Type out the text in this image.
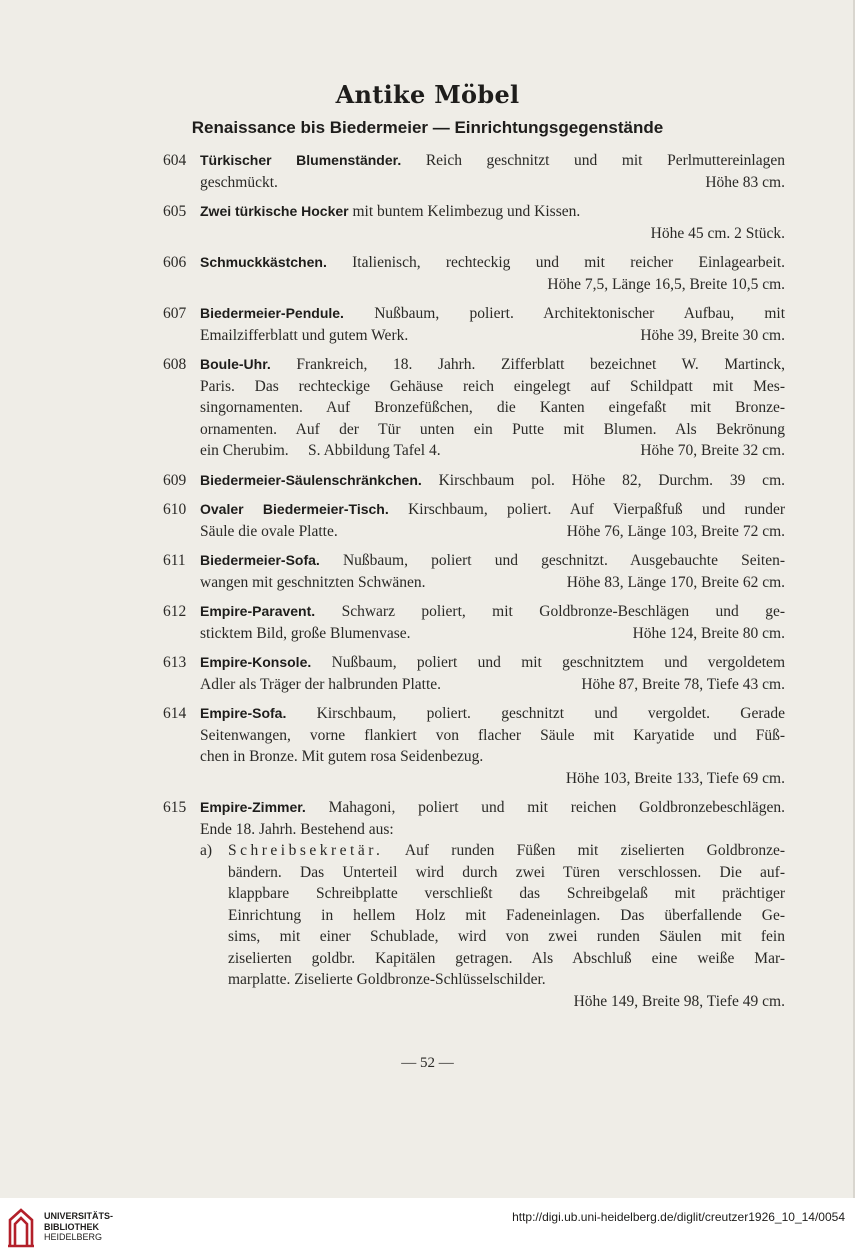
Antike Möbel
Renaissance bis Biedermeier — Einrichtungsgegenstände
604 Türkischer Blumenständer. Reich geschnitzt und mit Perlmuttereinlagen
geschmückt.	Höhe 83 cm.
605 Zwei türkische Hocker mit buntem Kelimbezug und Kissen.
Höhe 45 cm. 2 Stück.
606 Schmuckkästchen. Italienisch, rechteckig und mit reicher Einlagearbeit.
Höhe 7,5, Länge 16,5, Breite 10,5 cm.
607 Biedermeier-Pendule. Nußbaum, poliert. Architektonischer Aufbau, mit
Emailzifferblatt und gutem Werk.	Höhe 39, Breite 30 cm.
608 Boule-Uhr. Frankreich, 18. Jahrh. Zifferblatt bezeichnet W. Martinck,
Paris. Das rechteckige Gehäuse reich eingelegt auf Schildpatt mit Mes-
singornamenten. Auf Bronzefüßchen, die Kanten eingefaßt mit Bronze-
ornamenten. Auf der Tür unten ein Putte mit Blumen. Als Bekrönung
ein Cherubim.     S. Abbildung Tafel 4.	Höhe 70, Breite 32 cm.
609 Biedermeier-Säulenschränkchen. Kirschbaum pol. Höhe 82, Durchm. 39 cm.
610 Ovaler Biedermeier-Tisch. Kirschbaum, poliert. Auf Vierpaßfuß und runder
Säule die ovale Platte.	Höhe 76, Länge 103, Breite 72 cm.
611 Biedermeier-Sofa. Nußbaum, poliert und geschnitzt. Ausgebauchte Seiten-
wangen mit geschnitzten Schwänen.	Höhe 83, Länge 170, Breite 62 cm.
612 Empire-Paravent. Schwarz poliert, mit Goldbronze-Beschlägen und ge-
sticktem Bild, große Blumenvase.	Höhe 124, Breite 80 cm.
613 Empire-Konsole. Nußbaum, poliert und mit geschnitztem und vergoldetem
Adler als Träger der halbrunden Platte.	Höhe 87, Breite 78, Tiefe 43 cm.
614 Empire-Sofa. Kirschbaum, poliert. geschnitzt und vergoldet. Gerade
Seitenwangen, vorne flankiert von flacher Säule mit Karyatide und Füß-
chen in Bronze. Mit gutem rosa Seidenbezug.
Höhe 103, Breite 133, Tiefe 69 cm.
615 Empire-Zimmer. Mahagoni, poliert und mit reichen Goldbronzebeschlägen.
Ende 18. Jahrh. Bestehend aus:
a) Schreibsekretär. Auf runden Füßen mit ziselierten Goldbronze-
bändern. Das Unterteil wird durch zwei Türen verschlossen. Die auf-
klappbare Schreibplatte verschließt das Schreibgelaß mit prächtiger
Einrichtung in hellem Holz mit Fadeneinlagen. Das überfallende Ge-
sims, mit einer Schublade, wird von zwei runden Säulen mit fein
ziselierten goldbr. Kapitälen getragen. Als Abschluß eine weiße Mar-
marplatte. Ziselierte Goldbronze-Schlüsselschilder.
Höhe 149, Breite 98, Tiefe 49 cm.
— 52 —
UNIVERSITÄTS-
BIBLIOTHEK
HEIDELBERG
http://digi.ub.uni-heidelberg.de/diglit/creutzer1926_10_14/0054
